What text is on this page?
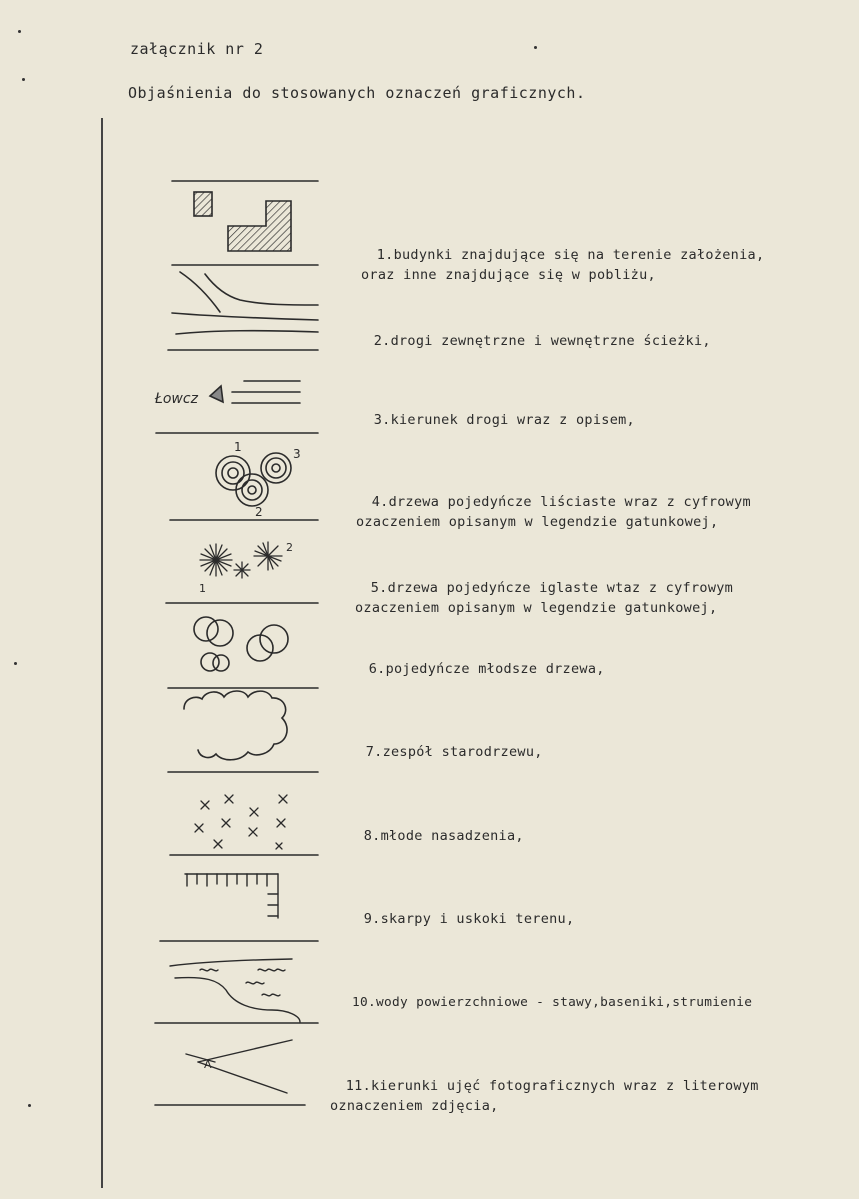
załącznik nr 2
Objaśnienia do stosowanych oznaczeń graficznych.
Łowcz
1
2
3
1
2
A

1.budynki znajdujące się na terenie założenia,
oraz inne znajdujące się w pobliżu,

2.drogi zewnętrzne i wewnętrzne ścieżki,

3.kierunek drogi wraz z opisem,

4.drzewa pojedyńcze liściaste wraz z cyfrowym
ozaczeniem opisanym w legendzie gatunkowej,

5.drzewa pojedyńcze iglaste wtaz z cyfrowym
ozaczeniem opisanym w legendzie gatunkowej,

6.pojedyńcze młodsze drzewa,

7.zespół starodrzewu,

8.młode nasadzenia,

9.skarpy i uskoki terenu,

10.wody powierzchniowe - stawy,baseniki,strumienie

11.kierunki ujęć fotograficznych wraz z literowym
oznaczeniem zdjęcia,
